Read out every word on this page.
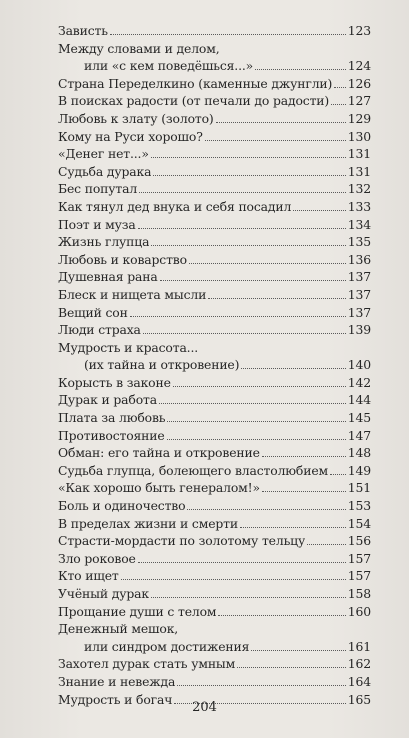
Зависть	123
Между словами и делом,
или «с кем поведёшься...»	124
Страна Переделкино (каменные джунгли) 126
В поисках радости (от печали до радости) 127
Любовь к злату (золото)	129
Кому на Руси хорошо?	130
«Денег нет...»	131
Судьба дурака	131
Бес попутал	132
Как тянул дед внука и себя посадил	133
Поэт и муза	134
Жизнь глупца	135
Любовь и коварство	136
Душевная рана	137
Блеск и нищета мысли	137
Вещий сон	137
Люди страха	139
Мудрость и красота...
(их тайна и откровение)	140
Корысть в законе	142
Дурак и работа	144
Плата за любовь	145
Противостояние	147
Обман: его тайна и откровение	148
Судьба глупца, болеющего властолюбием 149
«Как хорошо быть генералом!»	151
Боль и одиночество	153
В пределах жизни и смерти	154
Страсти-мордасти по золотому тельцу	156
Зло роковое	157
Кто ищет	157
Учёный дурак	158
Прощание души с телом	160
Денежный мешок,
или синдром достижения	161
Захотел дурак стать умным	162
Знание и невежда	164
Мудрость и богач	165
204
